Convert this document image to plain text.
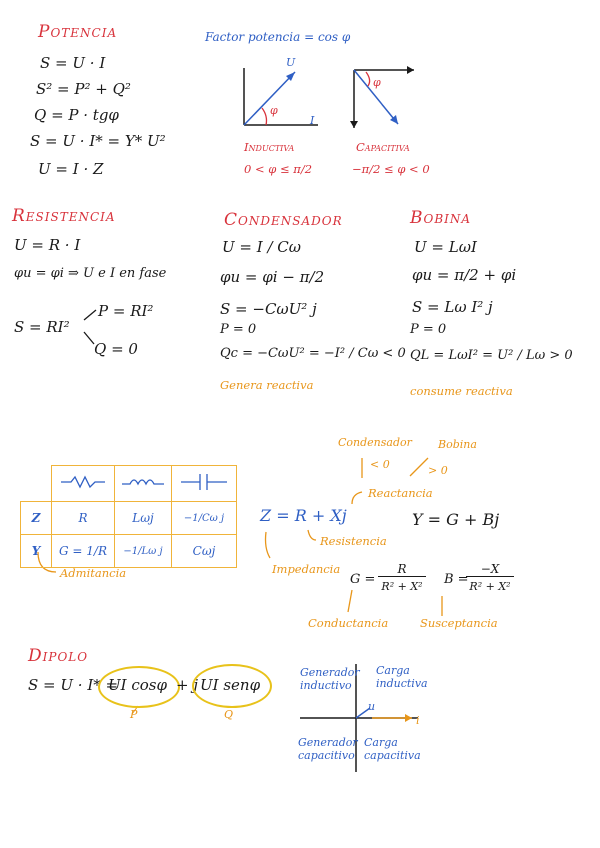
Potencia
S = U · I
S² = P² + Q²
Q = P · tgφ
S = U · I* = Y* U²
U = I · Z
Factor potencia = cos φ
U
I
φ
φ
Inductiva
0 < φ ≤ π/2
Capacitiva
−π/2 ≤ φ < 0
Resistencia
U = R · I
φu = φi ⇒ U e I en fase
S = RI²
P = RI²
Q = 0
Condensador
U = I / Cω
φu = φi − π/2
S = −CωU² j
P = 0
Qc = −CωU² = −I² / Cω < 0
Genera reactiva
Bobina
U = LωI
φu = π/2 + φi
S = Lω I² j
P = 0
QL = LωI² = U² / Lω > 0
consume reactiva

Z	R	Lωj	−1/Cω j
Y	G = 1/R	−1/Lω j	Cωj
Admitancia
Z = R + Xj	Y = G + Bj
Resistencia
Reactancia
Impedancia
Condensador
< 0
Bobina
> 0
G =
R
R² + X² B =
−X
R² + X²
Conductancia	Susceptancia
Dipolo
S = U · I* =
UI cosφ + j UI senφ
P	Q
Carga inductiva
Generador inductivo
Generador capacitivo
Carga capacitiva
u
i
